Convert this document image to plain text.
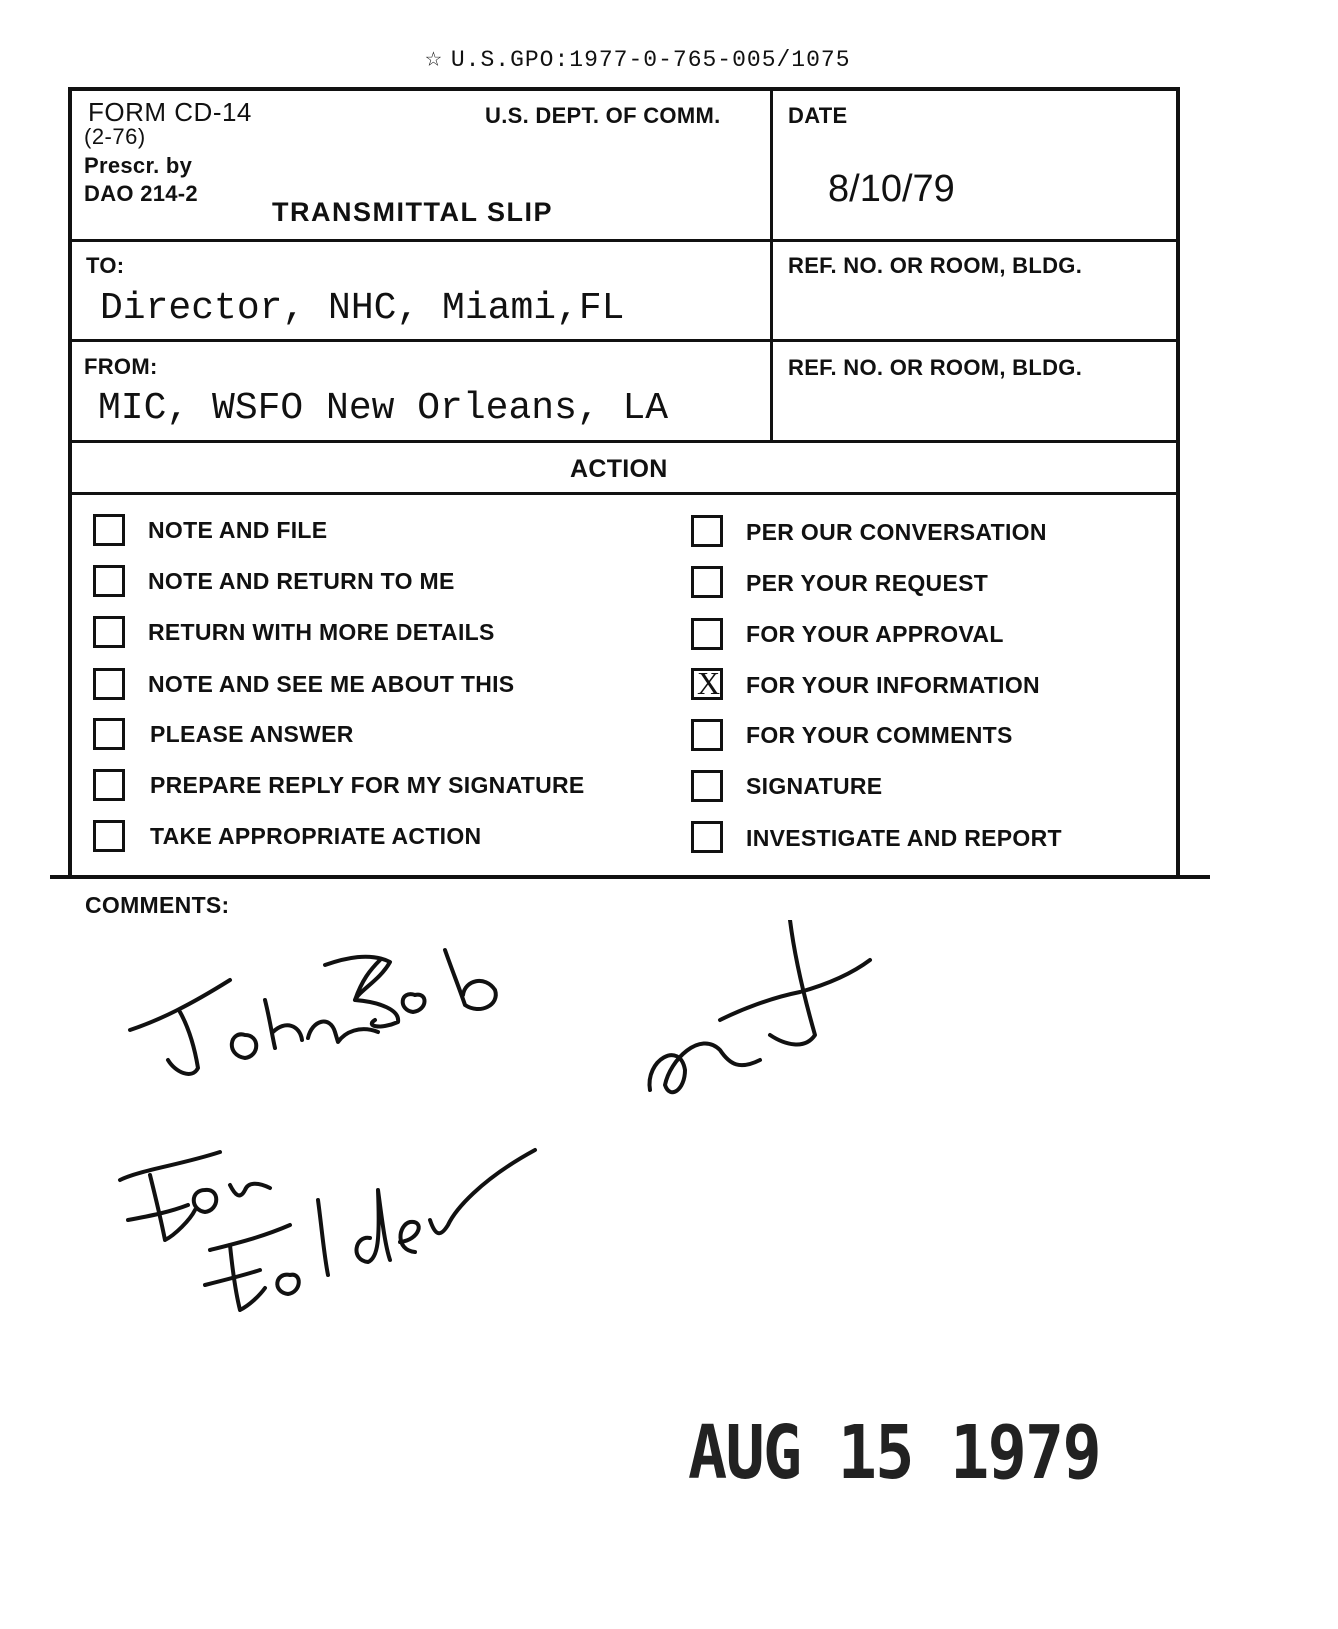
☆ U.S.GPO:1977-0-765-005/1075
FORM CD-14
(2-76)
Prescr. by
DAO 214-2
U.S. DEPT. OF COMM.
TRANSMITTAL SLIP
DATE
8/10/79
TO:
Director, NHC, Miami,FL
REF. NO. OR ROOM, BLDG.
FROM:
MIC, WSFO New Orleans, LA
REF. NO. OR ROOM, BLDG.
ACTION
NOTE AND FILE
NOTE AND RETURN TO ME
RETURN WITH MORE DETAILS
NOTE AND SEE ME ABOUT THIS
PLEASE ANSWER
PREPARE REPLY FOR MY SIGNATURE
TAKE APPROPRIATE ACTION
PER OUR CONVERSATION
PER YOUR REQUEST
FOR YOUR APPROVAL
X FOR YOUR INFORMATION
FOR YOUR COMMENTS
SIGNATURE
INVESTIGATE AND REPORT
COMMENTS:
AUG 15 1979
